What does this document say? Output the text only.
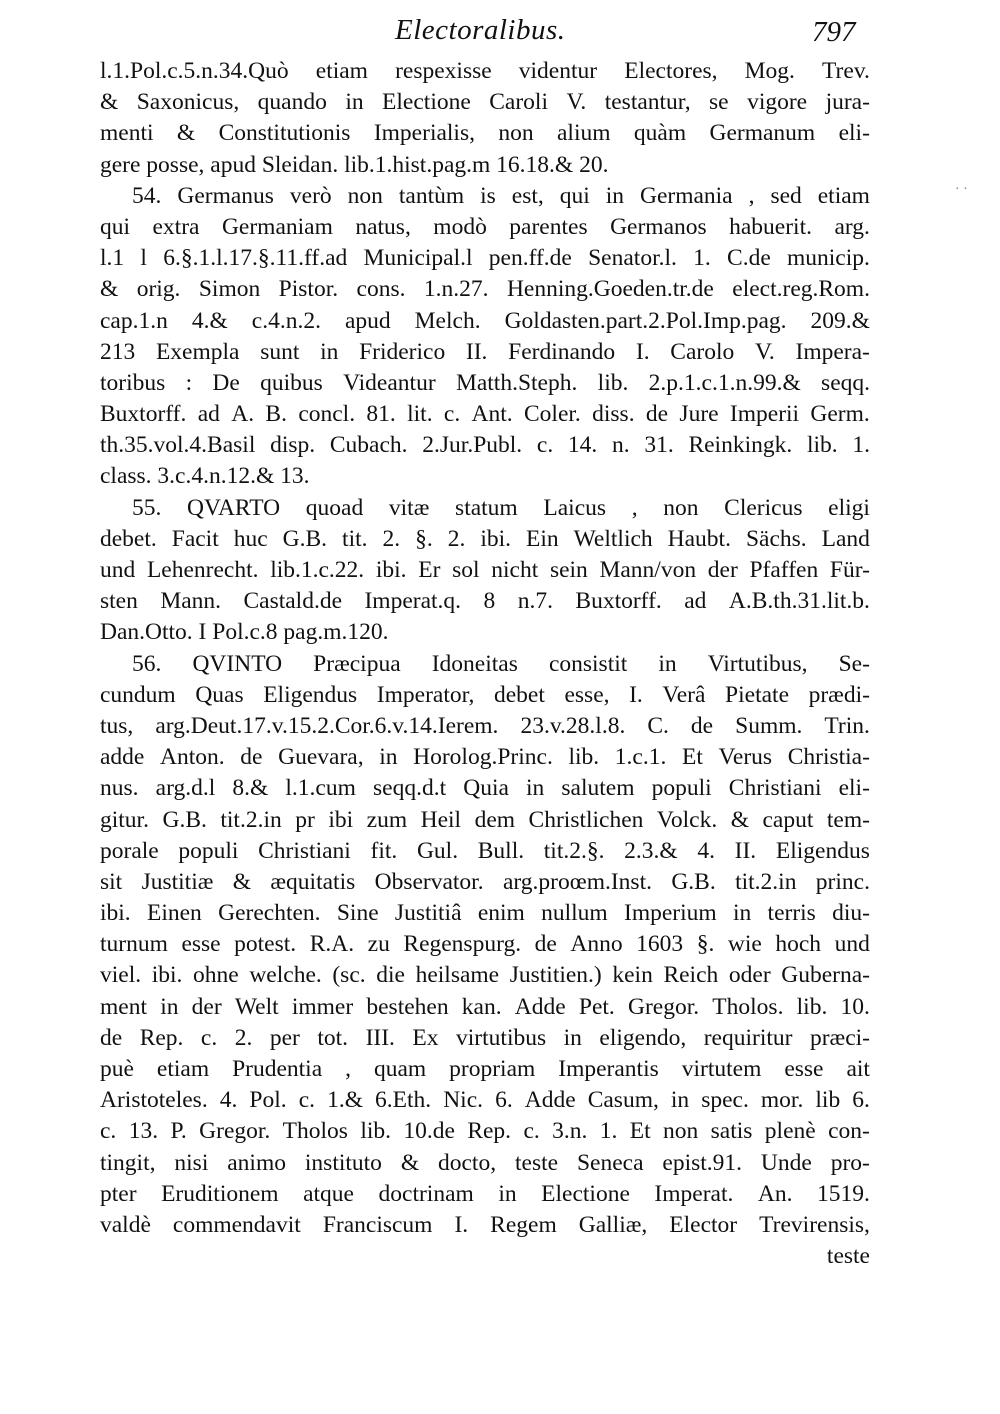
Electoralibus.	797
· ·
l.1.Pol.c.5.n.34.Quò etiam respexisse videntur Electores, Mog. Trev.
& Saxonicus, quando in Electione Caroli V. testantur, se vigore jura-
menti & Constitutionis Imperialis, non alium quàm Germanum eli-
gere posse, apud Sleidan. lib.1.hist.pag.m 16.18.& 20.
54. Germanus verò non tantùm is est, qui in Germania , sed etiam
qui extra Germaniam natus, modò parentes Germanos habuerit. arg.
l.1 l 6.§.1.l.17.§.11.ff.ad Municipal.l pen.ff.de Senator.l. 1. C.de municip.
& orig. Simon Pistor. cons. 1.n.27. Henning.Goeden.tr.de elect.reg.Rom.
cap.1.n 4.& c.4.n.2. apud Melch. Goldasten.part.2.Pol.Imp.pag. 209.&
213 Exempla sunt in Friderico II. Ferdinando I. Carolo V. Impera-
toribus : De quibus Videantur Matth.Steph. lib. 2.p.1.c.1.n.99.& seqq.
Buxtorff. ad A. B. concl. 81. lit. c. Ant. Coler. diss. de Jure Imperii Germ.
th.35.vol.4.Basil disp. Cubach. 2.Jur.Publ. c. 14. n. 31. Reinkingk. lib. 1.
class. 3.c.4.n.12.& 13.
55. QVARTO quoad vitæ statum Laicus , non Clericus eligi
debet. Facit huc G.B. tit. 2. §. 2. ibi. Ein Weltlich Haubt. Sächs. Land
und Lehenrecht. lib.1.c.22. ibi. Er sol nicht sein Mann/von der Pfaffen Für-
sten Mann. Castald.de Imperat.q. 8 n.7. Buxtorff. ad A.B.th.31.lit.b.
Dan.Otto. I Pol.c.8 pag.m.120.
56. QVINTO Præcipua Idoneitas consistit in Virtutibus, Se-
cundum Quas Eligendus Imperator, debet esse, I. Verâ Pietate prædi-
tus, arg.Deut.17.v.15.2.Cor.6.v.14.Ierem. 23.v.28.l.8. C. de Summ. Trin.
adde Anton. de Guevara, in Horolog.Princ. lib. 1.c.1. Et Verus Christia-
nus. arg.d.l 8.& l.1.cum seqq.d.t Quia in salutem populi Christiani eli-
gitur. G.B. tit.2.in pr ibi zum Heil dem Christlichen Volck. & caput tem-
porale populi Christiani fit. Gul. Bull. tit.2.§. 2.3.& 4. II. Eligendus
sit Justitiæ & æquitatis Observator. arg.proœm.Inst. G.B. tit.2.in princ.
ibi. Einen Gerechten. Sine Justitiâ enim nullum Imperium in terris diu-
turnum esse potest. R.A. zu Regenspurg. de Anno 1603 §. wie hoch und
viel. ibi. ohne welche. (sc. die heilsame Justitien.) kein Reich oder Guberna-
ment in der Welt immer bestehen kan. Adde Pet. Gregor. Tholos. lib. 10.
de Rep. c. 2. per tot. III. Ex virtutibus in eligendo, requiritur præci-
puè etiam Prudentia , quam propriam Imperantis virtutem esse ait
Aristoteles. 4. Pol. c. 1.& 6.Eth. Nic. 6. Adde Casum, in spec. mor. lib 6.
c. 13. P. Gregor. Tholos lib. 10.de Rep. c. 3.n. 1. Et non satis plenè con-
tingit, nisi animo instituto & docto, teste Seneca epist.91. Unde pro-
pter Eruditionem atque doctrinam in Electione Imperat. An. 1519.
valdè commendavit Franciscum I. Regem Galliæ, Elector Trevirensis,
teste
